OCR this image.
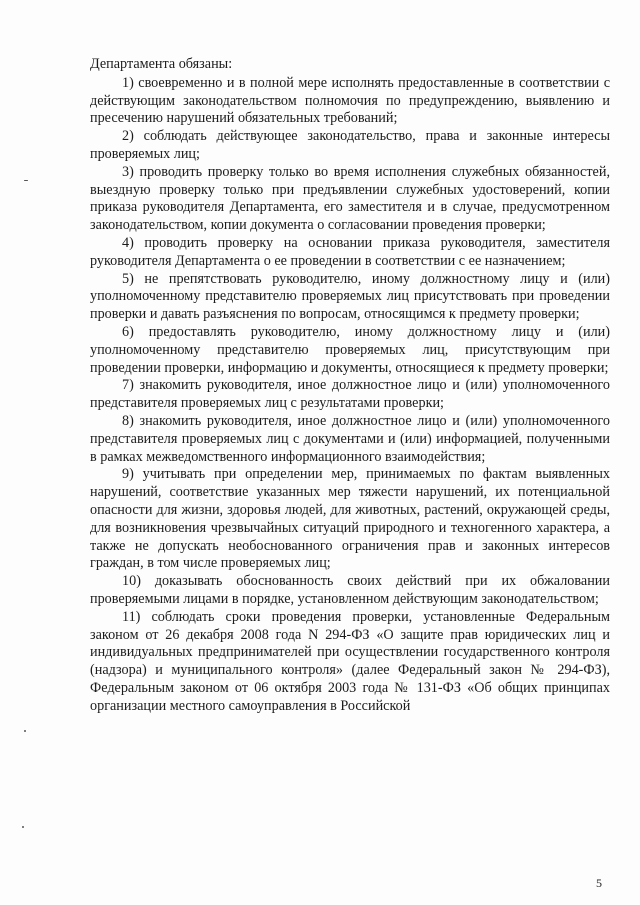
Департамента обязаны:

1) своевременно и в полной мере исполнять предоставленные в соответствии с действующим законодательством полномочия по предупреждению, выявлению и пресечению нарушений обязательных требований;

2) соблюдать действующее законодательство, права и законные интересы проверяемых лиц;

3) проводить проверку только во время исполнения служебных обязанностей, выездную проверку только при предъявлении служебных удостоверений, копии приказа руководителя Департамента, его заместителя и в случае, предусмотренном законодательством, копии документа о согласовании проведения проверки;

4) проводить проверку на основании приказа руководителя, заместителя руководителя Департамента о ее проведении в соответствии с ее назначением;

5) не препятствовать руководителю, иному должностному лицу и (или) уполномоченному представителю проверяемых лиц присутствовать при проведении проверки и давать разъяснения по вопросам, относящимся к предмету проверки;

6) предоставлять руководителю, иному должностному лицу и (или) уполномоченному представителю проверяемых лиц, присутствующим при проведении проверки, информацию и документы, относящиеся к предмету проверки;

7) знакомить руководителя, иное должностное лицо и (или) уполномоченного представителя проверяемых лиц с результатами проверки;

8) знакомить руководителя, иное должностное лицо и (или) уполномоченного представителя проверяемых лиц с документами и (или) информацией, полученными в рамках межведомственного информационного взаимодействия;

9) учитывать при определении мер, принимаемых по фактам выявленных нарушений, соответствие указанных мер тяжести нарушений, их потенциальной опасности для жизни, здоровья людей, для животных, растений, окружающей среды, для возникновения чрезвычайных ситуаций природного и техногенного характера, а также не допускать необоснованного ограничения прав и законных интересов граждан, в том числе проверяемых лиц;

10) доказывать обоснованность своих действий при их обжаловании проверяемыми лицами в порядке, установленном действующим законодательством;

11) соблюдать сроки проведения проверки, установленные Федеральным законом от 26 декабря 2008 года N 294-ФЗ «О защите прав юридических лиц и индивидуальных предпринимателей при осуществлении государственного контроля (надзора) и муниципального контроля» (далее Федеральный закон № 294-ФЗ), Федеральным законом от 06 октября 2003 года № 131-ФЗ «Об общих принципах организации местного самоуправления в Российской

5
